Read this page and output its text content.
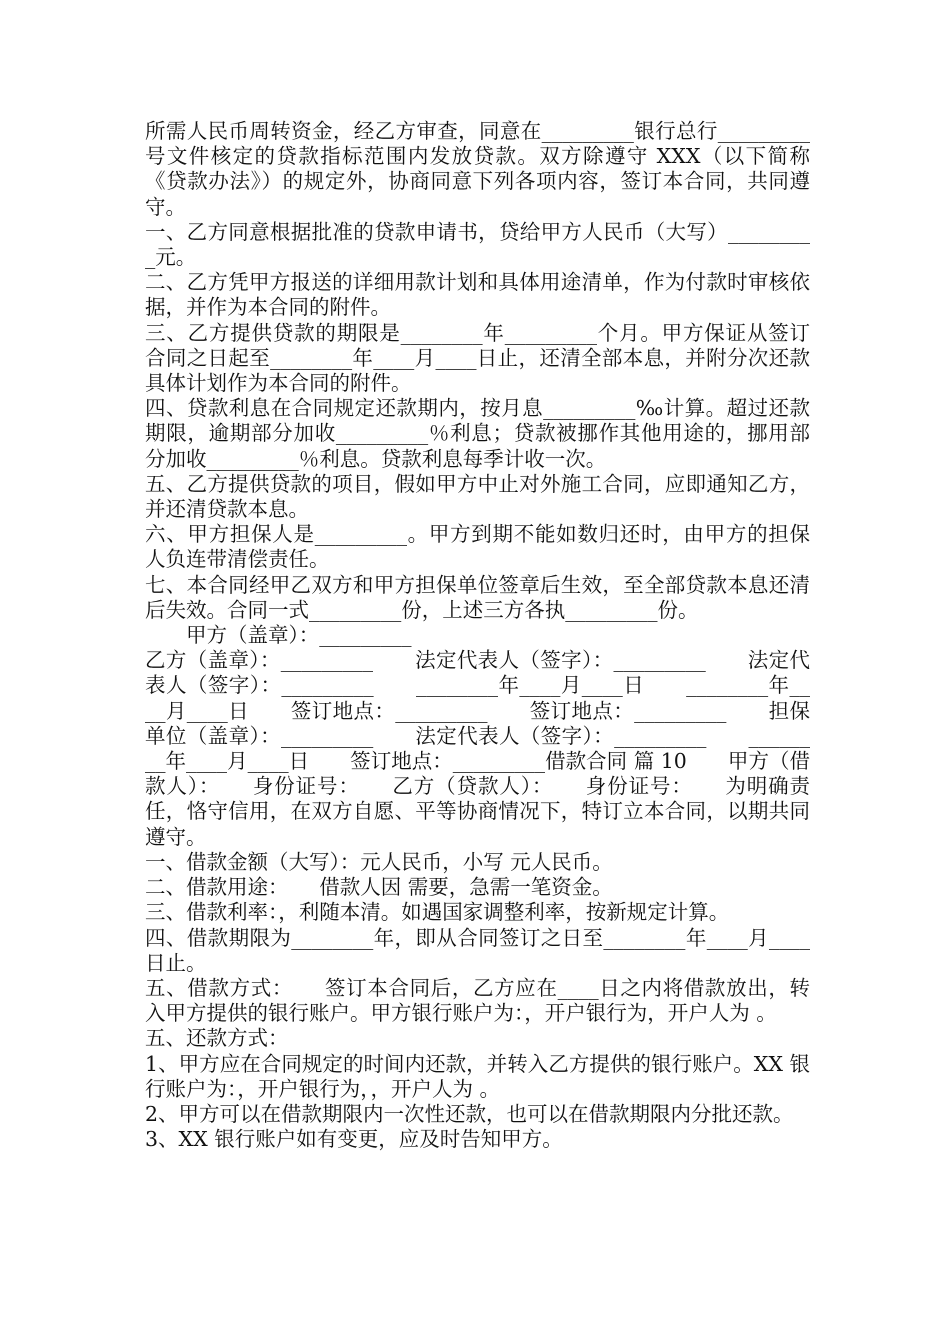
所需人民币周转资金，经乙方审查，同意在_________银行总行_________号文件核定的贷款指标范围内发放贷款。双方除遵守 XXX（以下简称《贷款办法》）的规定外，协商同意下列各项内容，签订本合同，共同遵守。

一、乙方同意根据批准的贷款申请书，贷给甲方人民币（大写）_________元。

二、乙方凭甲方报送的详细用款计划和具体用途清单，作为付款时审核依据，并作为本合同的附件。

三、乙方提供贷款的期限是________年_________个月。甲方保证从签订合同之日起至________年____月____日止，还清全部本息，并附分次还款具体计划作为本合同的附件。

四、贷款利息在合同规定还款期内，按月息_________‰计算。超过还款期限，逾期部分加收_________％利息；贷款被挪作其他用途的，挪用部分加收_________％利息。贷款利息每季计收一次。

五、乙方提供贷款的项目，假如甲方中止对外施工合同，应即通知乙方，并还清贷款本息。

六、甲方担保人是_________。甲方到期不能如数归还时，由甲方的担保人负连带清偿责任。

七、本合同经甲乙双方和甲方担保单位签章后生效，至全部贷款本息还清后失效。合同一式_________份，上述三方各执_________份。

　　甲方（盖章）：_________

乙方（盖章）：_________　　法定代表人（签字）：_________　　法定代表人（签字）：_________　　________年____月____日　　________年____月____日　　签订地点：_________　　签订地点：_________　　担保单位（盖章）：_________　　法定代表人（签字）：_________　　________年____月____日　　签订地点：_________借款合同 篇 10　　甲方（借款人）：　　身份证号：　　乙方（贷款人）：　　身份证号：　　为明确责任，恪守信用，在双方自愿、平等协商情况下，特订立本合同，以期共同遵守。

一、借款金额（大写）：元人民币，小写 元人民币。

二、借款用途：　　借款人因 需要，急需一笔资金。

三、借款利率：，利随本清。如遇国家调整利率，按新规定计算。

四、借款期限为________年，即从合同签订之日至________年____月____日止。

五、借款方式：　　签订本合同后，乙方应在____日之内将借款放出，转入甲方提供的银行账户。甲方银行账户为：，开户银行为，开户人为 。

五、还款方式：

1、甲方应在合同规定的时间内还款，并转入乙方提供的银行账户。XX 银行账户为：，开户银行为，，开户人为 。

2、甲方可以在借款期限内一次性还款，也可以在借款期限内分批还款。

3、XX 银行账户如有变更，应及时告知甲方。
